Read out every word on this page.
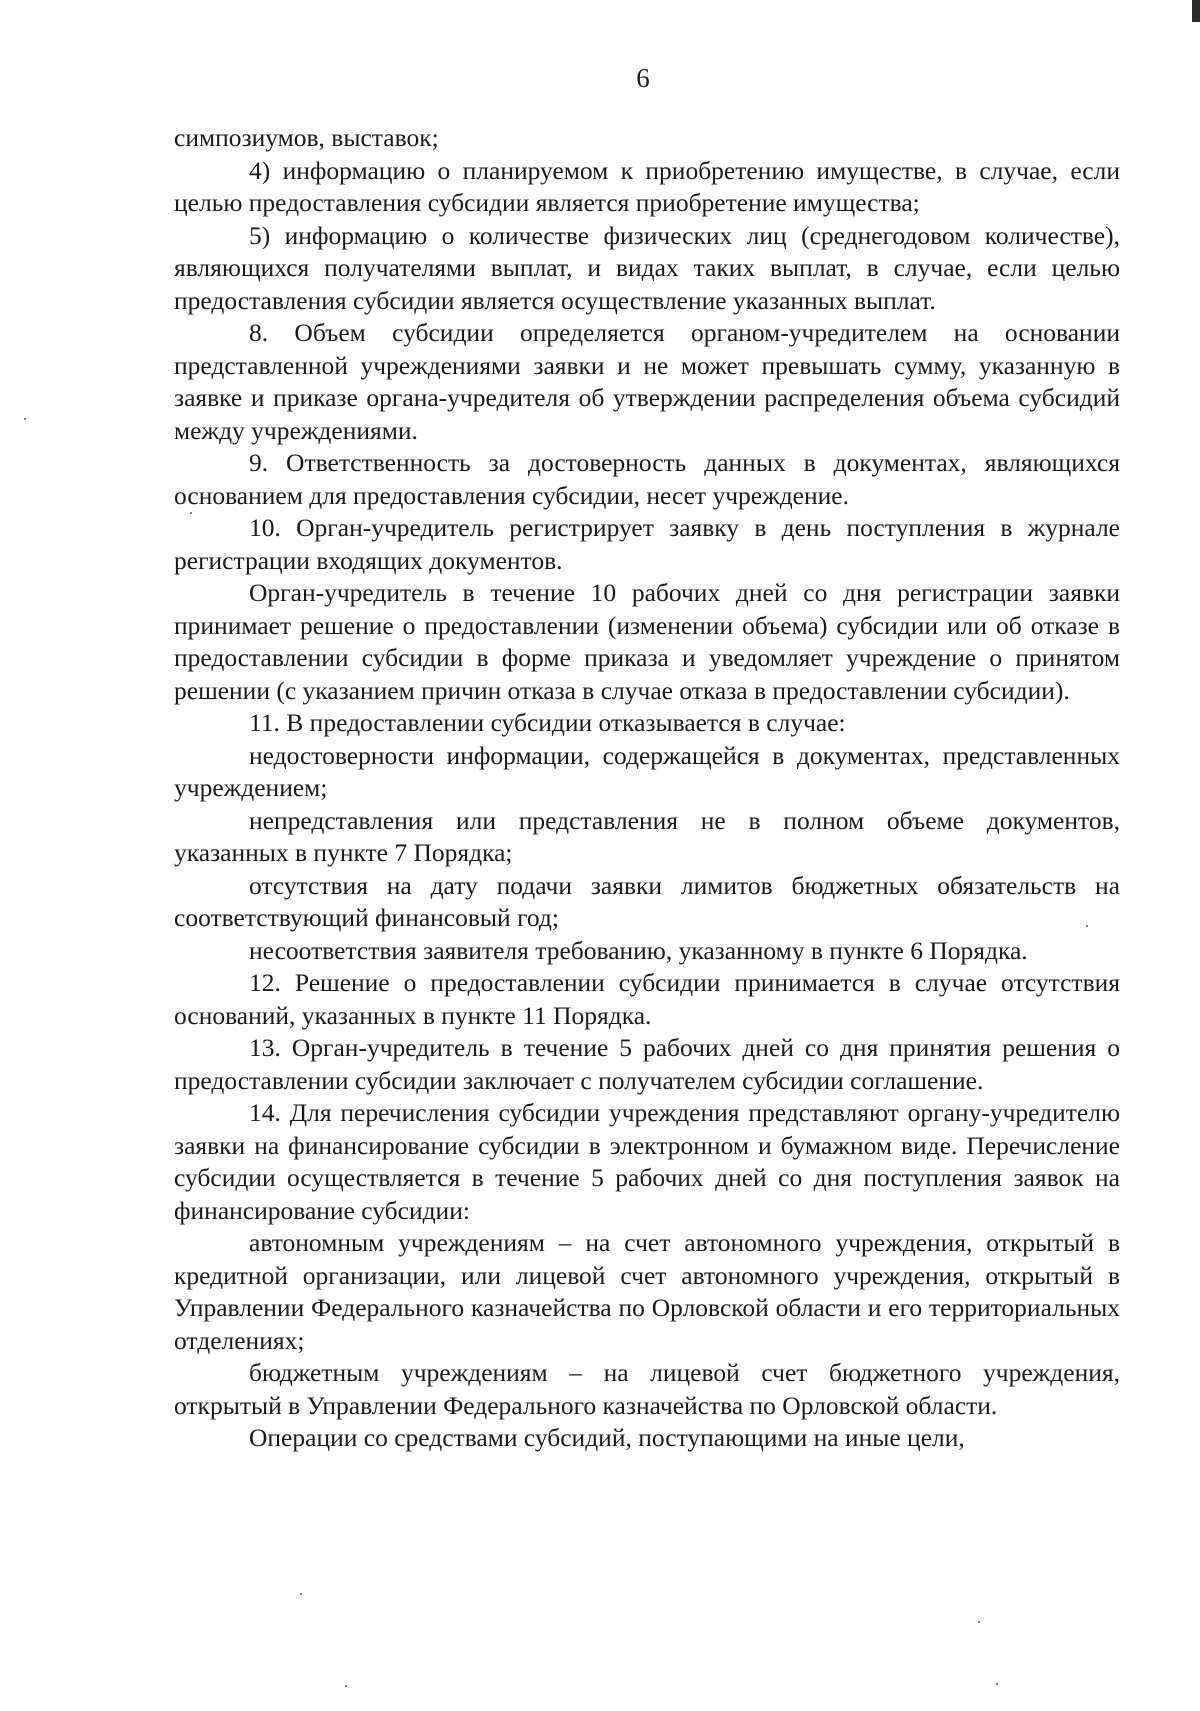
6

симпозиумов, выставок;

4) информацию о планируемом к приобретению имуществе, в случае, если целью предоставления субсидии является приобретение имущества;

5) информацию о количестве физических лиц (среднегодовом количестве), являющихся получателями выплат, и видах таких выплат, в случае, если целью предоставления субсидии является осуществление указанных выплат.

8. Объем субсидии определяется органом-учредителем на основании представленной учреждениями заявки и не может превышать сумму, указанную в заявке и приказе органа-учредителя об утверждении распределения объема субсидий между учреждениями.

9. Ответственность за достоверность данных в документах, являющихся основанием для предоставления субсидии, несет учреждение.

10. Орган-учредитель регистрирует заявку в день поступления в журнале регистрации входящих документов.

Орган-учредитель в течение 10 рабочих дней со дня регистрации заявки принимает решение о предоставлении (изменении объема) субсидии или об отказе в предоставлении субсидии в форме приказа и уведомляет учреждение о принятом решении (с указанием причин отказа в случае отказа в предоставлении субсидии).

11. В предоставлении субсидии отказывается в случае:

недостоверности информации, содержащейся в документах, представленных учреждением;

непредставления или представления не в полном объеме документов, указанных в пункте 7 Порядка;

отсутствия на дату подачи заявки лимитов бюджетных обязательств на соответствующий финансовый год;

несоответствия заявителя требованию, указанному в пункте 6 Порядка.

12. Решение о предоставлении субсидии принимается в случае отсутствия оснований, указанных в пункте 11 Порядка.

13. Орган-учредитель в течение 5 рабочих дней со дня принятия решения о предоставлении субсидии заключает с получателем субсидии соглашение.

14. Для перечисления субсидии учреждения представляют органу-учредителю заявки на финансирование субсидии в электронном и бумажном виде. Перечисление субсидии осуществляется в течение 5 рабочих дней со дня поступления заявок на финансирование субсидии:

автономным учреждениям – на счет автономного учреждения, открытый в кредитной организации, или лицевой счет автономного учреждения, открытый в Управлении Федерального казначейства по Орловской области и его территориальных отделениях;

бюджетным учреждениям – на лицевой счет бюджетного учреждения, открытый в Управлении Федерального казначейства по Орловской области.

Операции со средствами субсидий, поступающими на иные цели,
